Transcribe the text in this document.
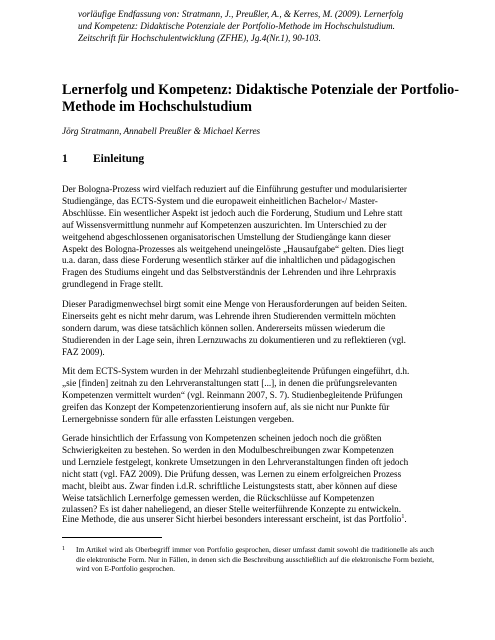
vorläufige Endfassung von: Stratmann, J., Preußler, A., & Kerres, M. (2009). Lernerfolg
und Kompetenz: Didaktische Potenziale der Portfolio-Methode im Hochschulstudium.
Zeitschrift für Hochschulentwicklung (ZFHE), Jg.4(Nr.1), 90-103.
Lernerfolg und Kompetenz: Didaktische Potenziale der Portfolio-
Methode im Hochschulstudium
Jörg Stratmann, Annabell Preußler & Michael Kerres
1 Einleitung
Der Bologna-Prozess wird vielfach reduziert auf die Einführung gestufter und modularisierter
Studiengänge, das ECTS-System und die europaweit einheitlichen Bachelor-/ Master-
Abschlüsse. Ein wesentlicher Aspekt ist jedoch auch die Forderung, Studium und Lehre statt
auf Wissensvermittlung nunmehr auf Kompetenzen auszurichten. Im Unterschied zu der
weitgehend abgeschlossenen organisatorischen Umstellung der Studiengänge kann dieser
Aspekt des Bologna-Prozesses als weitgehend uneingelöste „Hausaufgabe“ gelten. Dies liegt
u.a. daran, dass diese Forderung wesentlich stärker auf die inhaltlichen und pädagogischen
Fragen des Studiums eingeht und das Selbstverständnis der Lehrenden und ihre Lehrpraxis
grundlegend in Frage stellt.
Dieser Paradigmenwechsel birgt somit eine Menge von Herausforderungen auf beiden Seiten.
Einerseits geht es nicht mehr darum, was Lehrende ihren Studierenden vermitteln möchten
sondern darum, was diese tatsächlich können sollen. Andererseits müssen wiederum die
Studierenden in der Lage sein, ihren Lernzuwachs zu dokumentieren und zu reflektieren (vgl.
FAZ 2009).
Mit dem ECTS-System wurden in der Mehrzahl studienbegleitende Prüfungen eingeführt, d.h.
„sie [finden] zeitnah zu den Lehrveranstaltungen statt [...], in denen die prüfungsrelevanten
Kompetenzen vermittelt wurden“ (vgl. Reinmann 2007, S. 7). Studienbegleitende Prüfungen
greifen das Konzept der Kompetenzorientierung insofern auf, als sie nicht nur Punkte für
Lernergebnisse sondern für alle erfassten Leistungen vergeben.
Gerade hinsichtlich der Erfassung von Kompetenzen scheinen jedoch noch die größten
Schwierigkeiten zu bestehen. So werden in den Modulbeschreibungen zwar Kompetenzen
und Lernziele festgelegt, konkrete Umsetzungen in den Lehrveranstaltungen finden oft jedoch
nicht statt (vgl. FAZ 2009). Die Prüfung dessen, was Lernen zu einem erfolgreichen Prozess
macht, bleibt aus. Zwar finden i.d.R. schriftliche Leistungstests statt, aber können auf diese
Weise tatsächlich Lernerfolge gemessen werden, die Rückschlüsse auf Kompetenzen
zulassen? Es ist daher naheliegend, an dieser Stelle weiterführende Konzepte zu entwickeln.
Eine Methode, die aus unserer Sicht hierbei besonders interessant erscheint, ist das Portfolio$^1$.
1 Im Artikel wird als Oberbegriff immer von Portfolio gesprochen, dieser umfasst damit sowohl die traditionelle als auch die elektronische Form. Nur in Fällen, in denen sich die Beschreibung ausschließlich auf die elektronische Form bezieht, wird von E-Portfolio gesprochen.
